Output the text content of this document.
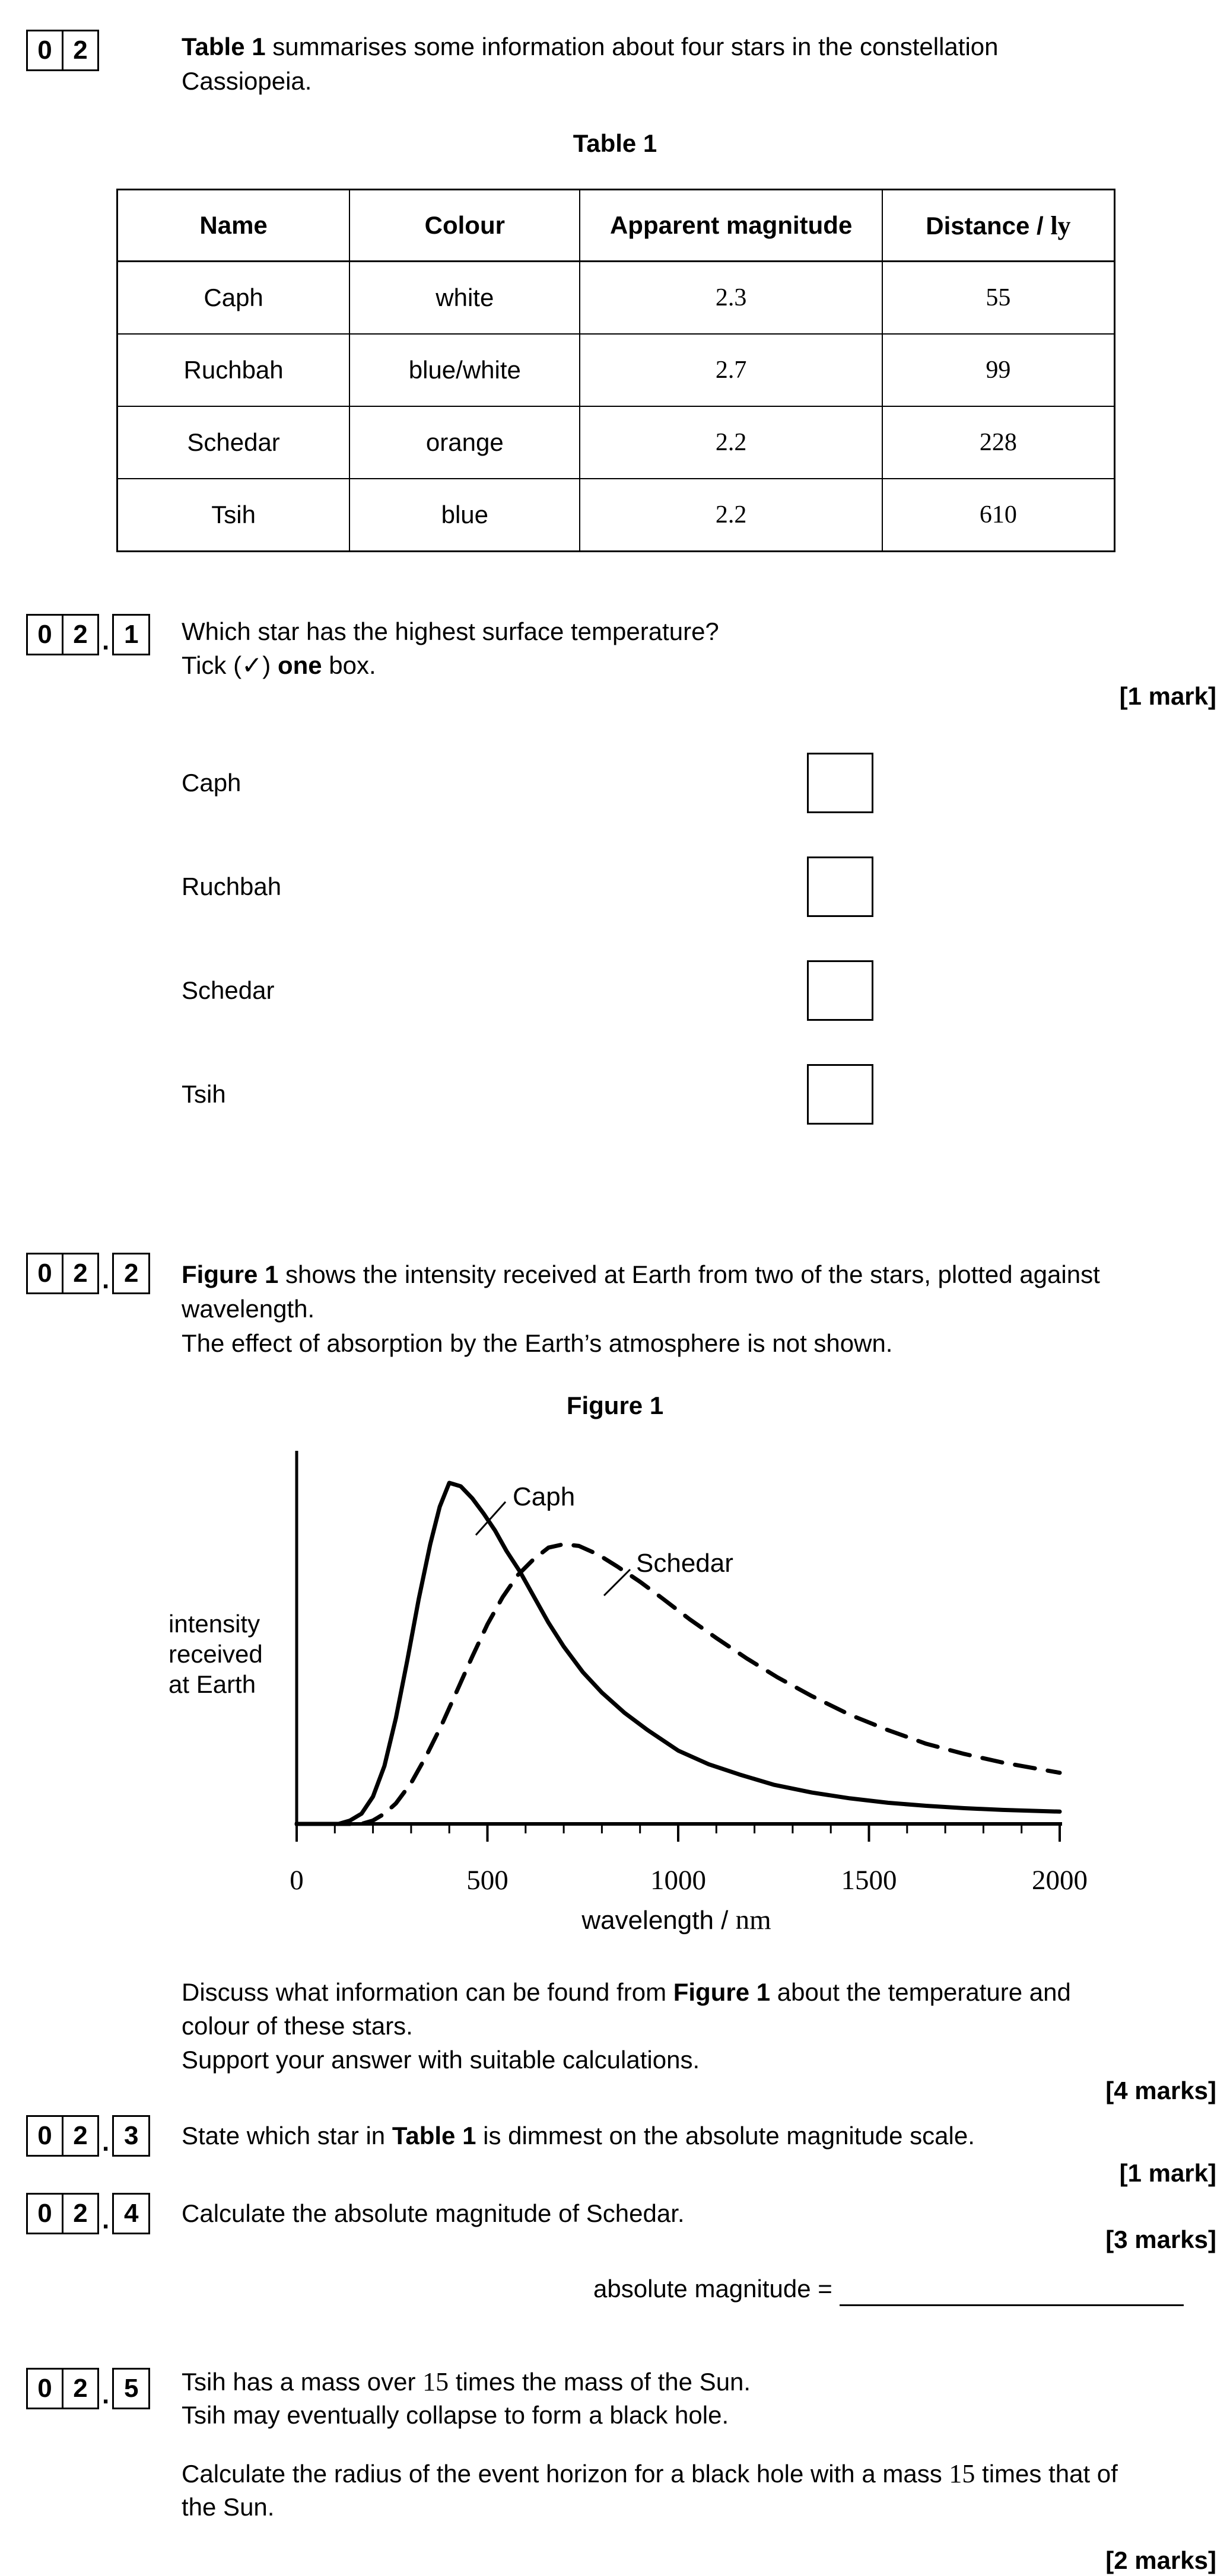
0 2	Table 1 summarises some information about four stars in the constellation
Cassiopeia.
Table 1
Name	Colour	Apparent magnitude	Distance / ly
Caph	white	2.3	55
Ruchbah	blue/white	2.7	99
Schedar	orange	2.2	228
Tsih	blue	2.2	610
0 2 . 1	Which star has the highest surface temperature?
Tick (✓) one box.
[1 mark]
Caph
Ruchbah
Schedar
Tsih
0 2 . 2	Figure 1 shows the intensity received at Earth from two of the stars, plotted against
wavelength.
The effect of absorption by the Earth’s atmosphere is not shown.
Figure 1
intensity
received
at Earth
0	500	1000	1500	2000
Caph
Schedar
wavelength / nm
Discuss what information can be found from Figure 1 about the temperature and
colour of these stars.
Support your answer with suitable calculations.
[4 marks]
0 2 . 3	State which star in Table 1 is dimmest on the absolute magnitude scale.
[1 mark]
0 2 . 4	Calculate the absolute magnitude of Schedar.
[3 marks]
absolute magnitude =
0 2 . 5	Tsih has a mass over 15 times the mass of the Sun.
Tsih may eventually collapse to form a black hole.
Calculate the radius of the event horizon for a black hole with a mass 15 times that of
the Sun.
[2 marks]
